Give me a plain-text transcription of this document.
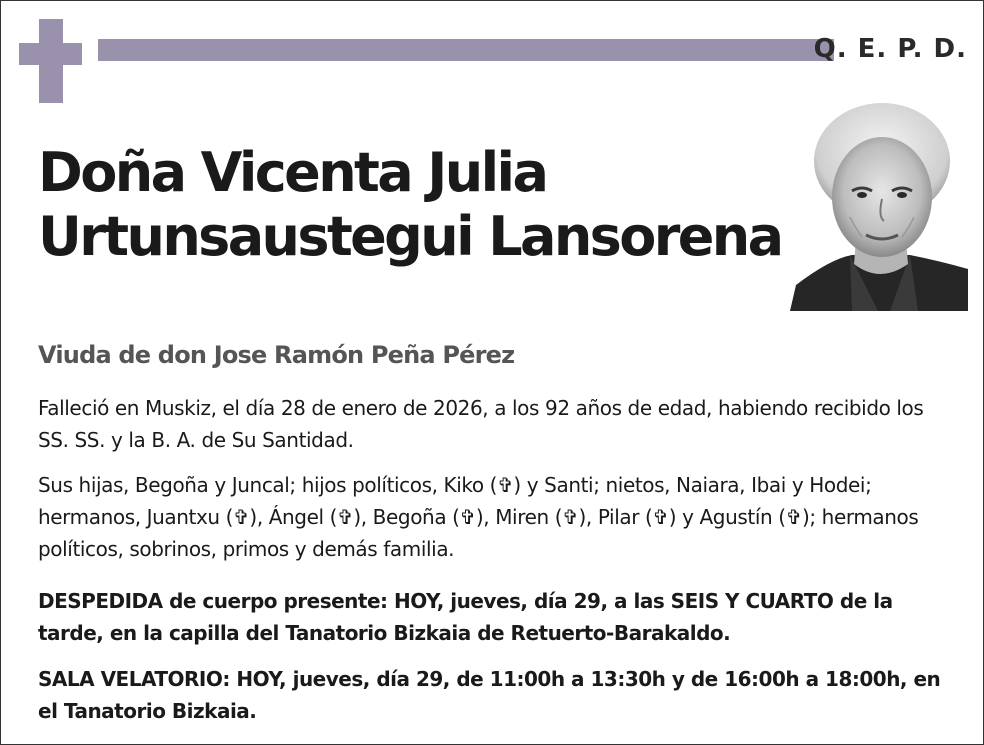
Q. E. P. D.
Doña Vicenta Julia
Urtunsaustegui Lansorena
Viuda de don Jose Ramón Peña Pérez
Falleció en Muskiz, el día 28 de enero de 2026, a los 92 años de edad, habiendo recibido los SS. SS. y la B. A. de Su Santidad.
Sus hijas, Begoña y Juncal; hijos políticos, Kiko (✞) y Santi; nietos, Naiara, Ibai y Hodei; hermanos, Juantxu (✞), Ángel (✞), Begoña (✞), Miren (✞), Pilar (✞) y Agustín (✞); hermanos políticos, sobrinos, primos y demás familia.
DESPEDIDA de cuerpo presente: HOY, jueves, día 29, a las SEIS Y CUARTO de la tarde, en la capilla del Tanatorio Bizkaia de Retuerto-Barakaldo.
SALA VELATORIO: HOY, jueves, día 29, de 11:00h a 13:30h y de 16:00h a 18:00h, en el Tanatorio Bizkaia.
